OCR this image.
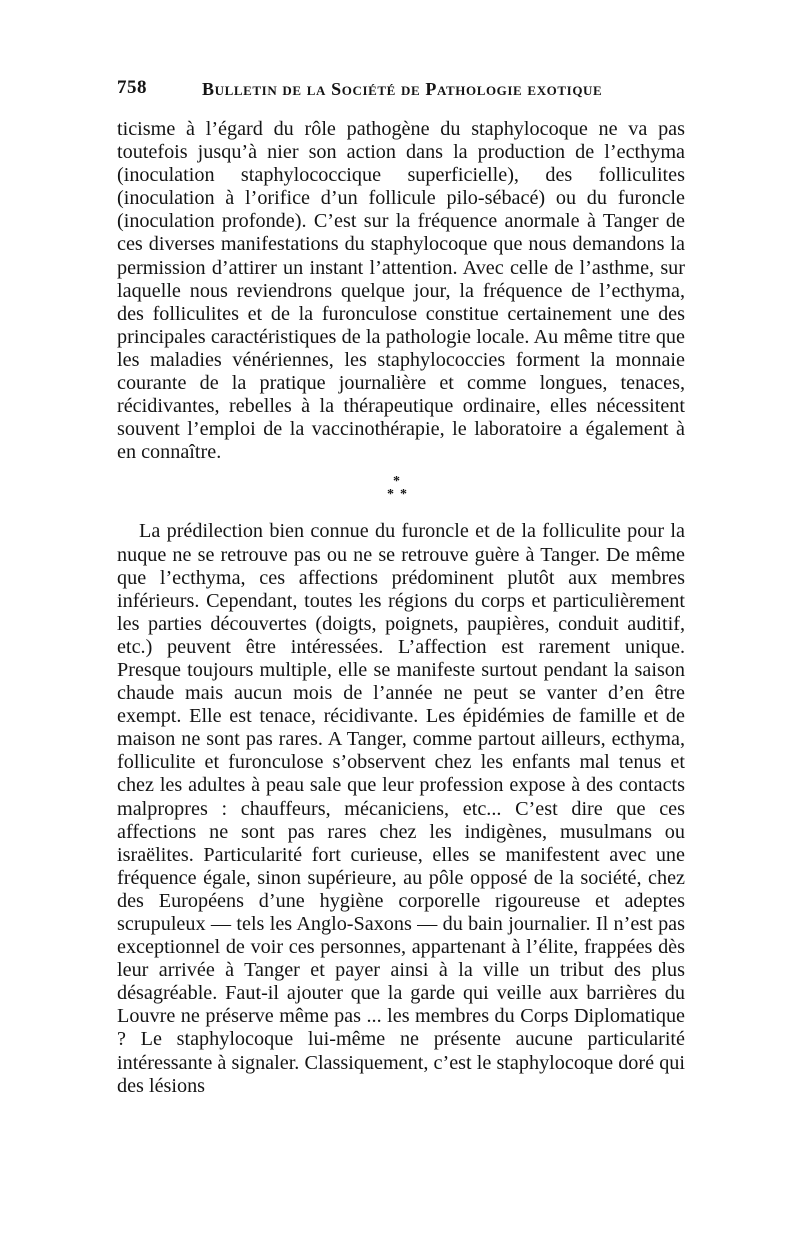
758	Bulletin de la Société de Pathologie exotique

ticisme à l’égard du rôle pathogène du staphylocoque ne va pas toutefois jusqu’à nier son action dans la production de l’ecthyma (inoculation staphylococcique superficielle), des folliculites (inoculation à l’orifice d’un follicule pilo-sébacé) ou du furoncle (inoculation profonde). C’est sur la fréquence anormale à Tanger de ces diverses manifestations du staphylocoque que nous demandons la permission d’attirer un instant l’attention. Avec celle de l’asthme, sur laquelle nous reviendrons quelque jour, la fréquence de l’ecthyma, des folliculites et de la furonculose constitue certainement une des principales caractéristiques de la pathologie locale. Au même titre que les maladies vénériennes, les staphylococcies forment la monnaie courante de la pratique journalière et comme longues, tenaces, récidivantes, rebelles à la thérapeutique ordinaire, elles nécessitent souvent l’emploi de la vaccinothérapie, le laboratoire a également à en connaître.

*
* *

La prédilection bien connue du furoncle et de la folliculite pour la nuque ne se retrouve pas ou ne se retrouve guère à Tanger. De même que l’ecthyma, ces affections prédominent plutôt aux membres inférieurs. Cependant, toutes les régions du corps et particulièrement les parties découvertes (doigts, poignets, paupières, conduit auditif, etc.) peuvent être intéressées. L’affection est rarement unique. Presque toujours multiple, elle se manifeste surtout pendant la saison chaude mais aucun mois de l’année ne peut se vanter d’en être exempt. Elle est tenace, récidivante. Les épidémies de famille et de maison ne sont pas rares. A Tanger, comme partout ailleurs, ecthyma, folliculite et furonculose s’observent chez les enfants mal tenus et chez les adultes à peau sale que leur profession expose à des contacts malpropres : chauffeurs, mécaniciens, etc... C’est dire que ces affections ne sont pas rares chez les indigènes, musulmans ou israëlites. Particularité fort curieuse, elles se manifestent avec une fréquence égale, sinon supérieure, au pôle opposé de la société, chez des Européens d’une hygiène corporelle rigoureuse et adeptes scrupuleux — tels les Anglo-Saxons — du bain journalier. Il n’est pas exceptionnel de voir ces personnes, appartenant à l’élite, frappées dès leur arrivée à Tanger et payer ainsi à la ville un tribut des plus désagréable. Faut-il ajouter que la garde qui veille aux barrières du Louvre ne préserve même pas ... les membres du Corps Diplomatique ? Le staphylocoque lui-même ne présente aucune particularité intéressante à signaler. Classiquement, c’est le staphylocoque doré qui des lésions
